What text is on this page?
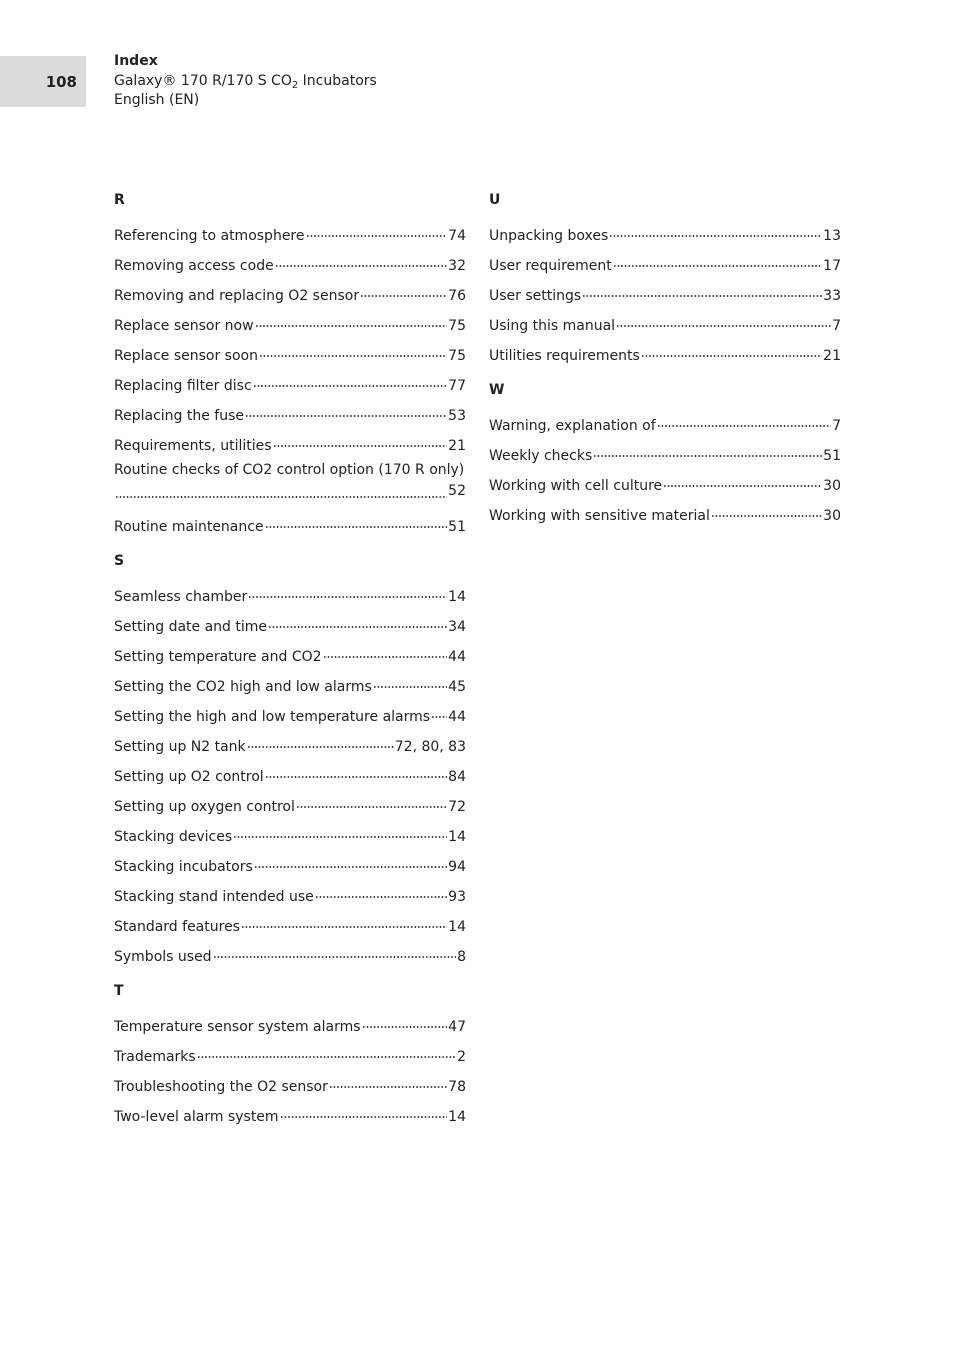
108
Index
Galaxy® 170 R/170 S $CO_2$ Incubators
English (EN)
R
Referencing to atmosphere	74
Removing access code	32
Removing and replacing O2 sensor	76
Replace sensor now	75
Replace sensor soon	75
Replacing filter disc	77
Replacing the fuse	53
Requirements, utilities	21
Routine checks of CO2 control option (170 R only)
52
Routine maintenance	51
S
Seamless chamber	14
Setting date and time	34
Setting temperature and CO2	44
Setting the CO2 high and low alarms	45
Setting the high and low temperature alarms 44
Setting up N2 tank	72, 80, 83
Setting up O2 control	84
Setting up oxygen control	72
Stacking devices	14
Stacking incubators	94
Stacking stand intended use	93
Standard features	14
Symbols used	8
T
Temperature sensor system alarms	47
Trademarks	2
Troubleshooting the O2 sensor	78
Two-level alarm system	14
U
Unpacking boxes	13
User requirement	17
User settings	33
Using this manual	7
Utilities requirements	21
W
Warning, explanation of	7
Weekly checks	51
Working with cell culture	30
Working with sensitive material	30
